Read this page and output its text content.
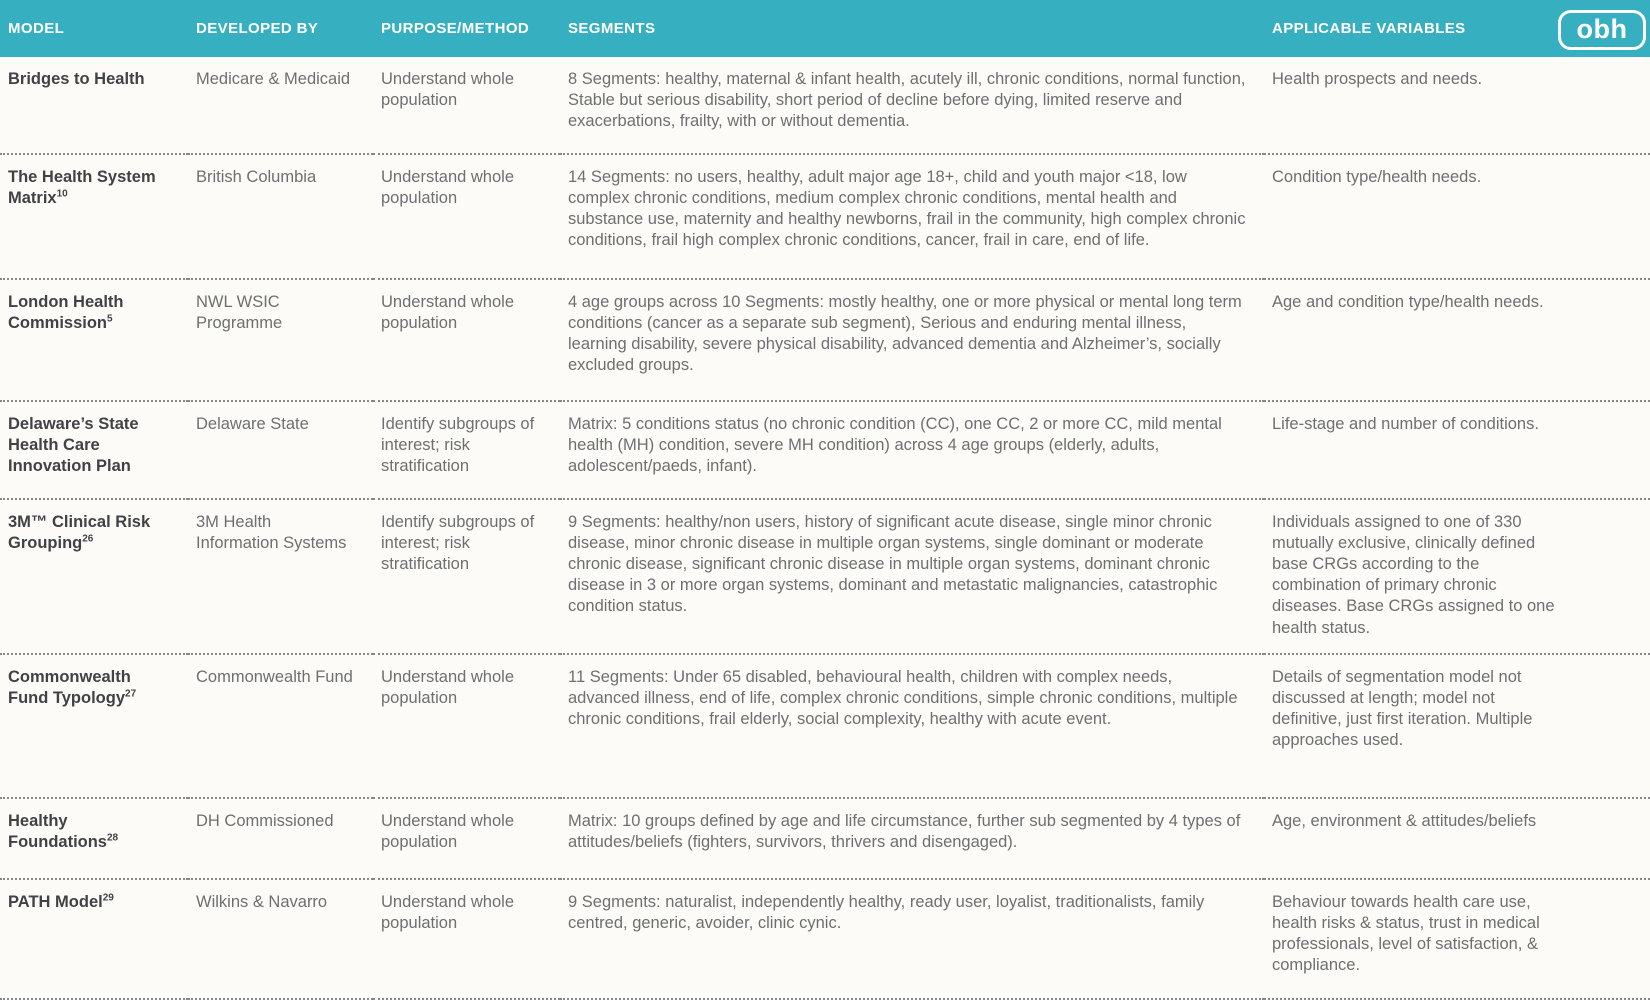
MODEL	DEVELOPED BY	PURPOSE/METHOD	SEGMENTS	APPLICABLE VARIABLES
Bridges to Health	Medicare & Medicaid	Understand whole population	8 Segments: healthy, maternal & infant health, acutely ill, chronic conditions, normal function, Stable but serious disability, short period of decline before dying, limited reserve and exacerbations, frailty, with or without dementia.	Health prospects and needs.
The Health System Matrix$^{10}$	British Columbia	Understand whole population	14 Segments: no users, healthy, adult major age 18+, child and youth major <18, low complex chronic conditions, medium complex chronic conditions, mental health and substance use, maternity and healthy newborns, frail in the community, high complex chronic conditions, frail high complex chronic conditions, cancer, frail in care, end of life.	Condition type/health needs.
London Health Commission$^5$	NWL WSIC Programme	Understand whole population	4 age groups across 10 Segments: mostly healthy, one or more physical or mental long term conditions (cancer as a separate sub segment), Serious and enduring mental illness, learning disability, severe physical disability, advanced dementia and Alzheimer’s, socially excluded groups.	Age and condition type/health needs.
Delaware’s State Health Care Innovation Plan	Delaware State	Identify subgroups of interest; risk stratification	Matrix: 5 conditions status (no chronic condition (CC), one CC, 2 or more CC, mild mental health (MH) condition, severe MH condition) across 4 age groups (elderly, adults, adolescent/paeds, infant).	Life-stage and number of conditions.
3M™ Clinical Risk Grouping$^{26}$	3M Health Information Systems	Identify subgroups of interest; risk stratification	9 Segments: healthy/non users, history of significant acute disease, single minor chronic disease, minor chronic disease in multiple organ systems, single dominant or moderate chronic disease, significant chronic disease in multiple organ systems, dominant chronic disease in 3 or more organ systems, dominant and metastatic malignancies, catastrophic condition status.	Individuals assigned to one of 330 mutually exclusive, clinically defined base CRGs according to the combination of primary chronic diseases. Base CRGs assigned to one health status.
Commonwealth Fund Typology$^{27}$	Commonwealth Fund	Understand whole population	11 Segments: Under 65 disabled, behavioural health, children with complex needs, advanced illness, end of life, complex chronic conditions, simple chronic conditions, multiple chronic conditions, frail elderly, social complexity, healthy with acute event.	Details of segmentation model not discussed at length; model not definitive, just first iteration. Multiple approaches used.
Healthy Foundations$^{28}$	DH Commissioned	Understand whole population	Matrix: 10 groups defined by age and life circumstance, further sub segmented by 4 types of attitudes/beliefs (fighters, survivors, thrivers and disengaged).	Age, environment & attitudes/beliefs
PATH Model$^{29}$	Wilkins & Navarro	Understand whole population	9 Segments: naturalist, independently healthy, ready user, loyalist, traditionalists, family centred, generic, avoider, clinic cynic.	Behaviour towards health care use, health risks & status, trust in medical professionals, level of satisfaction, & compliance.
obh
